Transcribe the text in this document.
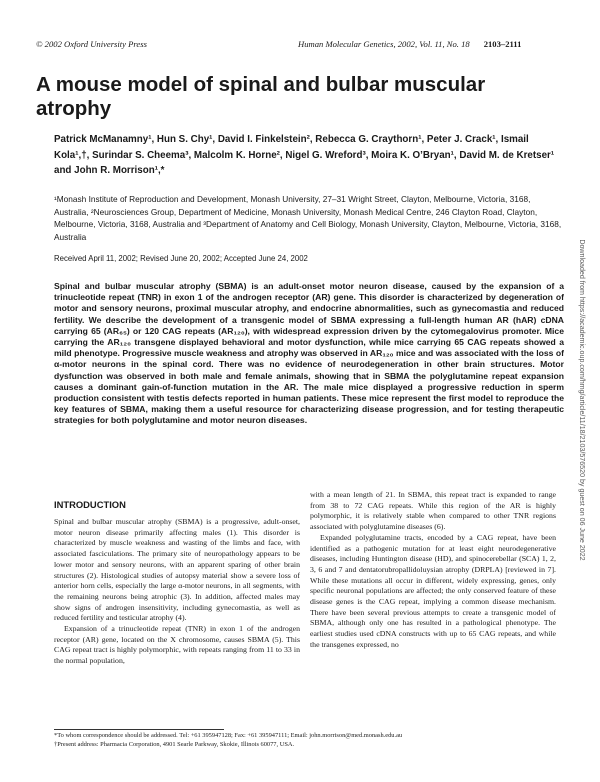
© 2002 Oxford University Press	Human Molecular Genetics, 2002, Vol. 11, No. 18 2103–2111
A mouse model of spinal and bulbar muscular atrophy

Patrick McManamny¹, Hun S. Chy¹, David I. Finkelstein², Rebecca G. Craythorn¹, Peter J. Crack¹, Ismail Kola¹,†, Surindar S. Cheema³, Malcolm K. Horne², Nigel G. Wreford³, Moira K. O’Bryan¹, David M. de Kretser¹ and John R. Morrison¹,*

¹Monash Institute of Reproduction and Development, Monash University, 27–31 Wright Street, Clayton, Melbourne, Victoria, 3168, Australia, ²Neurosciences Group, Department of Medicine, Monash University, Monash Medical Centre, 246 Clayton Road, Clayton, Melbourne, Victoria, 3168, Australia and ³Department of Anatomy and Cell Biology, Monash University, Clayton, Melbourne, Victoria, 3168, Australia

Received April 11, 2002; Revised June 20, 2002; Accepted June 24, 2002

Spinal and bulbar muscular atrophy (SBMA) is an adult-onset motor neuron disease, caused by the expansion of a trinucleotide repeat (TNR) in exon 1 of the androgen receptor (AR) gene. This disorder is characterized by degeneration of motor and sensory neurons, proximal muscular atrophy, and endocrine abnormalities, such as gynecomastia and reduced fertility. We describe the development of a transgenic model of SBMA expressing a full-length human AR (hAR) cDNA carrying 65 (AR₆₅) or 120 CAG repeats (AR₁₂₀), with widespread expression driven by the cytomegalovirus promoter. Mice carrying the AR₁₂₀ transgene displayed behavioral and motor dysfunction, while mice carrying 65 CAG repeats showed a mild phenotype. Progressive muscle weakness and atrophy was observed in AR₁₂₀ mice and was associated with the loss of α-motor neurons in the spinal cord. There was no evidence of neurodegeneration in other brain structures. Motor dysfunction was observed in both male and female animals, showing that in SBMA the polyglutamine repeat expansion causes a dominant gain-of-function mutation in the AR. The male mice displayed a progressive reduction in sperm production consistent with testis defects reported in human patients. These mice represent the first model to reproduce the key features of SBMA, making them a useful resource for characterizing disease progression, and for testing therapeutic strategies for both polyglutamine and motor neuron diseases.

INTRODUCTION

Spinal and bulbar muscular atrophy (SBMA) is a progressive, adult-onset, motor neuron disease primarily affecting males (1). This disorder is characterized by muscle weakness and wasting of the limbs and face, with associated fasciculations. The primary site of neuropathology appears to be lower motor and sensory neurons, with an apparent sparing of other brain structures (2). Histological studies of autopsy material show a severe loss of anterior horn cells, especially the large α-motor neurons, in all segments, with the remaining neurons being atrophic (3). In addition, affected males may show signs of androgen insensitivity, including gynecomastia, as well as reduced fertility and testicular atrophy (4).

Expansion of a trinucleotide repeat (TNR) in exon 1 of the androgen receptor (AR) gene, located on the X chromosome, causes SBMA (5). This CAG repeat tract is highly polymorphic, with repeats ranging from 11 to 33 in the normal population,

with a mean length of 21. In SBMA, this repeat tract is expanded to range from 38 to 72 CAG repeats. While this region of the AR is highly polymorphic, it is relatively stable when compared to other TNR regions associated with polyglutamine diseases (6).

Expanded polyglutamine tracts, encoded by a CAG repeat, have been identified as a pathogenic mutation for at least eight neurodegenerative diseases, including Huntington disease (HD), and spinocerebellar (SCA) 1, 2, 3, 6 and 7 and dentatorubropallidoluysian atrophy (DRPLA) [reviewed in 7]. While these mutations all occur in different, widely expressing, genes, only specific neuronal populations are affected; the only conserved feature of these disease genes is the CAG repeat, implying a common disease mechanism. There have been several previous attempts to create a transgenic model of SBMA, although only one has resulted in a pathological phenotype. The earliest studies used cDNA constructs with up to 65 CAG repeats, and while the transgenes expressed, no

*To whom correspondence should be addressed. Tel: +61 395947128; Fax: +61 395947111; Email: john.morrison@med.monash.edu.au

†Present address: Pharmacia Corporation, 4901 Searle Parkway, Skokie, Illinois 60077, USA.

Downloaded from https://academic.oup.com/hmg/article/11/18/2103/576520 by guest on 06 June 2022
